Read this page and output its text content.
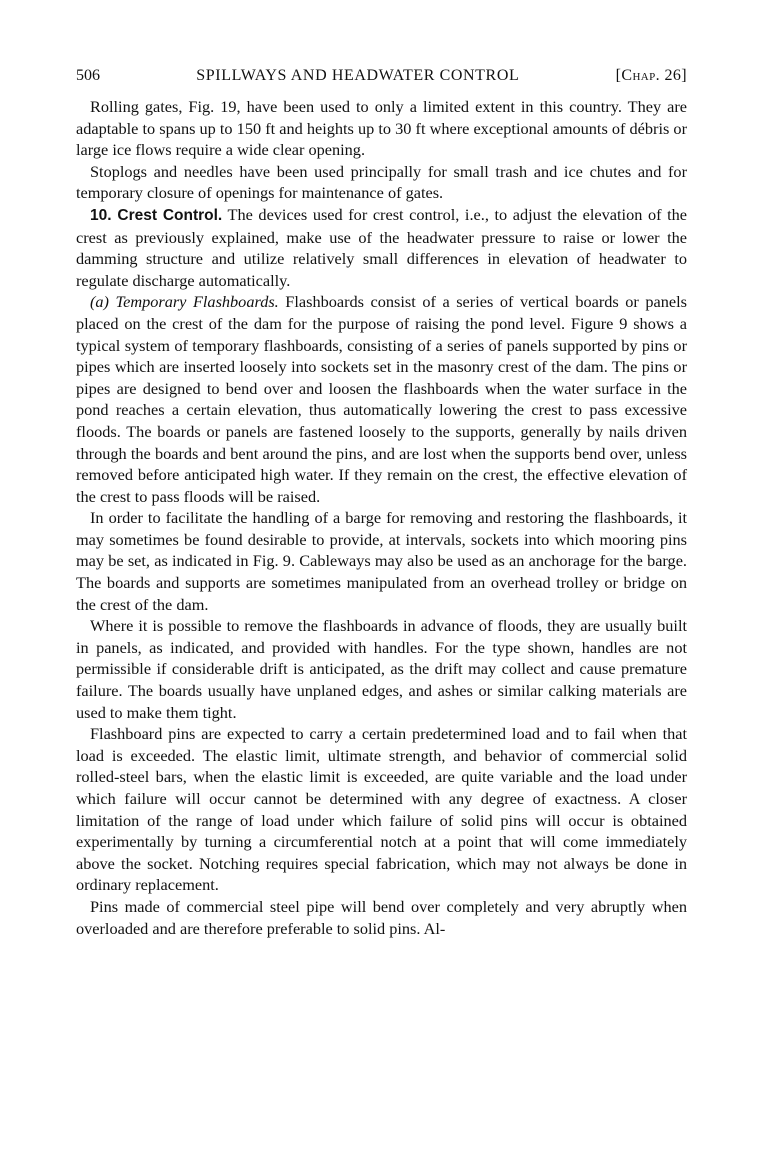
506	SPILLWAYS AND HEADWATER CONTROL	[Chap. 26]

Rolling gates, Fig. 19, have been used to only a limited extent in this country. They are adaptable to spans up to 150 ft and heights up to 30 ft where exceptional amounts of débris or large ice flows require a wide clear opening.

Stoplogs and needles have been used principally for small trash and ice chutes and for temporary closure of openings for maintenance of gates.

10. Crest Control. The devices used for crest control, i.e., to adjust the elevation of the crest as previously explained, make use of the headwater pressure to raise or lower the damming structure and utilize relatively small differences in elevation of headwater to regulate discharge automatically.

(a) Temporary Flashboards. Flashboards consist of a series of vertical boards or panels placed on the crest of the dam for the purpose of raising the pond level. Figure 9 shows a typical system of temporary flashboards, consisting of a series of panels supported by pins or pipes which are inserted loosely into sockets set in the masonry crest of the dam. The pins or pipes are designed to bend over and loosen the flashboards when the water surface in the pond reaches a certain elevation, thus automatically lowering the crest to pass excessive floods. The boards or panels are fastened loosely to the supports, generally by nails driven through the boards and bent around the pins, and are lost when the supports bend over, unless removed before anticipated high water. If they remain on the crest, the effective elevation of the crest to pass floods will be raised.

In order to facilitate the handling of a barge for removing and restoring the flashboards, it may sometimes be found desirable to provide, at intervals, sockets into which mooring pins may be set, as indicated in Fig. 9. Cableways may also be used as an anchorage for the barge. The boards and supports are sometimes manipulated from an overhead trolley or bridge on the crest of the dam.

Where it is possible to remove the flashboards in advance of floods, they are usually built in panels, as indicated, and provided with handles. For the type shown, handles are not permissible if considerable drift is anticipated, as the drift may collect and cause premature failure. The boards usually have unplaned edges, and ashes or similar calking materials are used to make them tight.

Flashboard pins are expected to carry a certain predetermined load and to fail when that load is exceeded. The elastic limit, ultimate strength, and behavior of commercial solid rolled-steel bars, when the elastic limit is exceeded, are quite variable and the load under which failure will occur cannot be determined with any degree of exactness. A closer limitation of the range of load under which failure of solid pins will occur is obtained experimentally by turning a circumferential notch at a point that will come immediately above the socket. Notching requires special fabrication, which may not always be done in ordinary replacement.

Pins made of commercial steel pipe will bend over completely and very abruptly when overloaded and are therefore preferable to solid pins. Al-
